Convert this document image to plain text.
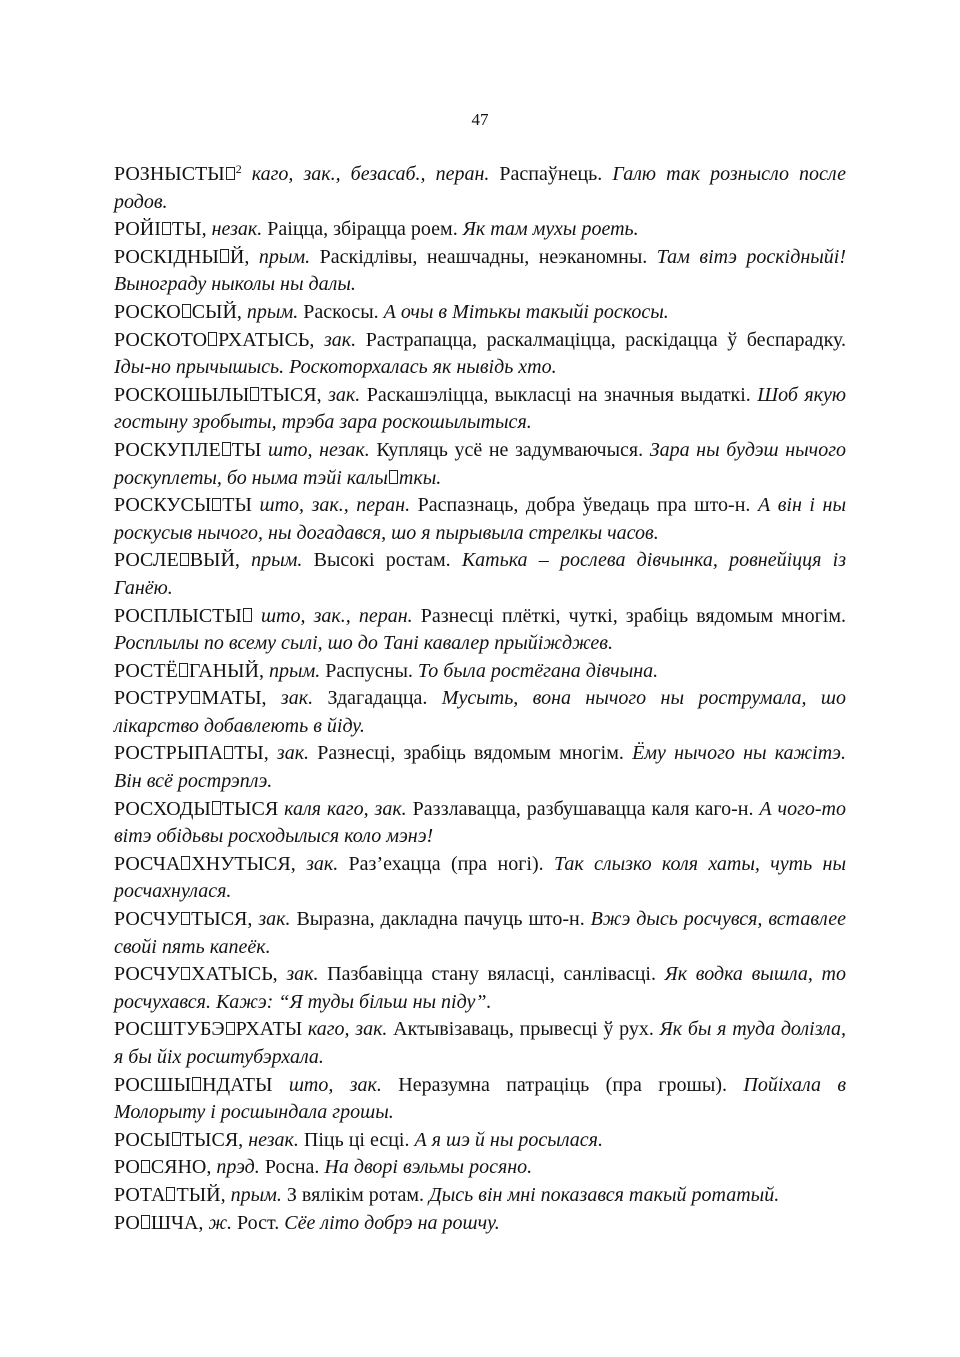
47

РОЗНЫСТЫ $^2$ каго, зак., безасаб., перан. Распаўнець. Галю так рознысло после родов.

РОЙІ ТЫ, незак. Раіцца, збірацца роем. Як там мухы роеть.

РОСКІДНЫ Й, прым. Раскідлівы, неашчадны, неэканомны. Там вітэ роскідныйі! Вынограду ныколы ны далы.

РОСКО СЫЙ, прым. Раскосы. А очы в Мітькы такыйі роскосы.

РОСКОТО РХАТЫСЬ, зак. Растрапацца, раскалмаціцца, раскідацца ў беспарадку. Іды-но прычышысь. Роскоторхалась як нывідь хто.

РОСКОШЫЛЫ ТЫСЯ, зак. Раскашэліцца, выкласці на значныя выдаткі. Шоб якую гостыну зробыты, трэба зара роскошылытыся.

РОСКУПЛЕ ТЫ што, незак. Купляць усё не задумваючыся. Зара ны будэш нычого роскуплеты, бо ныма тэйі калы ткы.

РОСКУСЫ ТЫ што, зак., перан. Распазнаць, добра ўведаць пра што-н. А він і ны роскусыв нычого, ны догадався, шо я пырывыла стрелкы часов.

РОСЛЕ ВЫЙ, прым. Высокі ростам. Катька – рослева дівчынка, ровнейіцця із Ганёю.

РОСПЛЫСТЫ што, зак., перан. Разнесці плёткі, чуткі, зрабіць вядомым многім. Росплылы по всему сылі, шо до Тані кавалер прыйіжджев.

РОСТЁ ГАНЫЙ, прым. Распусны. То была ростёгана дівчына.

РОСТРУ МАТЫ, зак. Здагадацца. Мусыть, вона нычого ны рострумала, шо лікарство добавлеють в йіду.

РОСТРЫПА ТЫ, зак. Разнесці, зрабіць вядомым многім. Ёму нычого ны кажітэ. Він всё рострэплэ.

РОСХОДЫ ТЫСЯ каля каго, зак. Раззлавацца, разбушавацца каля каго-н. А чого-то вітэ обідьвы росходылыся коло мэнэ!

РОСЧА ХНУТЫСЯ, зак. Раз’ехацца (пра ногі). Так слызко коля хаты, чуть ны росчахнулася.

РОСЧУ ТЫСЯ, зак. Выразна, дакладна пачуць што-н. Вжэ дысь росчувся, вставлее свойі пять капеёк.

РОСЧУ ХАТЫСЬ, зак. Пазбавіцца стану вяласці, санлівасці. Як водка вышла, то росчухався. Кажэ: “Я туды більш ны піду”.

РОСШТУБЭ РХАТЫ каго, зак. Актывізаваць, прывесці ў рух. Як бы я туда долізла, я бы йіх росштубэрхала.

РОСШЫ НДАТЫ што, зак. Неразумна патраціць (пра грошы). Пойіхала в Молорыту і росшындала грошы.

РОСЫ ТЫСЯ, незак. Піць ці есці. А я шэ й ны росылася.

РО СЯНО, прэд. Росна. На дворі вэльмы росяно.

РОТА ТЫЙ, прым. З вялікім ротам. Дысь він мні показався такый ротатый.

РО ШЧА, ж. Рост. Сёе літо добрэ на рошчу.
